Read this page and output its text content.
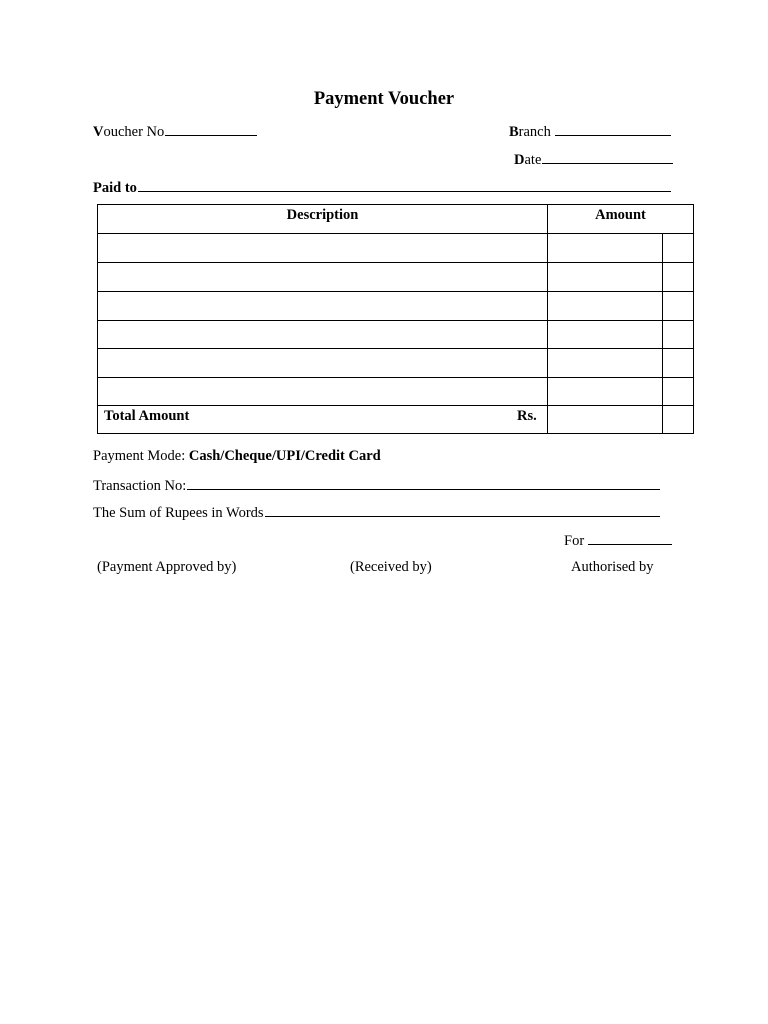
Payment Voucher
Voucher No	Branch
Date
Paid to
Description	Amount
Total Amount	Rs.
Payment Mode: Cash/Cheque/UPI/Credit Card
Transaction No:
The Sum of Rupees in Words
For
(Payment Approved by)	(Received by)	Authorised by
